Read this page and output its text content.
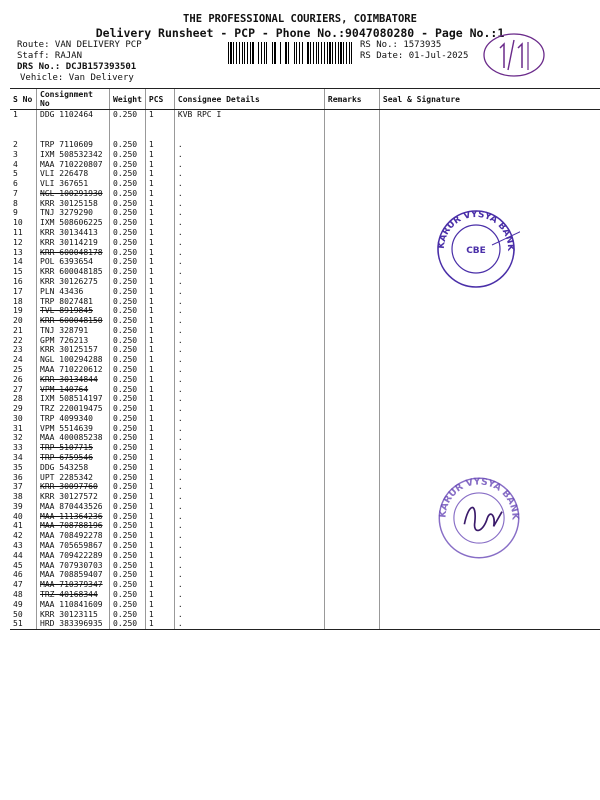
THE PROFESSIONAL COURIERS, COIMBATORE
Delivery Runsheet - PCP - Phone No.:9047080280 - Page No.:1
Route: VAN DELIVERY PCP
Staff: RAJAN
DRS No.: DCJB157393501
Vehicle: Van Delivery
RS No.: 1573935
RS Date: 01-Jul-2025
S No	Consignment No	Weight	PCS	Consignee Details	Remarks	Seal & Signature
1	DDG 1102464	0.250	1	KVB RPC I		

2	TRP 7110609	0.250	1	.		
3	IXM 508532342	0.250	1	.		
4	MAA 710220807	0.250	1	.		
5	VLI 226478	0.250	1	.		
6	VLI 367651	0.250	1	.		
7	NGL 100291930	0.250	1	.		
8	KRR 30125158	0.250	1	.		
9	TNJ 3279290	0.250	1	.		
10	IXM 508606225	0.250	1	.		
11	KRR 30134413	0.250	1	.		
12	KRR 30114219	0.250	1	.		
13	KRR 600048178	0.250	1	.		
14	POL 6393654	0.250	1	.		
15	KRR 600048185	0.250	1	.		
16	KRR 30126275	0.250	1	.		
17	PLN 43436	0.250	1	.		
18	TRP 8027481	0.250	1	.		
19	TVL 8919845	0.250	1	.		
20	KRR 600048150	0.250	1	.		
21	TNJ 328791	0.250	1	.		
22	GPM 726213	0.250	1	.		
23	KRR 30125157	0.250	1	.		
24	NGL 100294288	0.250	1	.		
25	MAA 710220612	0.250	1	.		
26	KRR 30134844	0.250	1	.		
27	VPM 140764	0.250	1	.		
28	IXM 508514197	0.250	1	.		
29	TRZ 220019475	0.250	1	.		
30	TRP 4099340	0.250	1	.		
31	VPM 5514639	0.250	1	.		
32	MAA 400085238	0.250	1	.		
33	TRP 5107715	0.250	1	.		
34	TRP 6759546	0.250	1	.		
35	DDG 543258	0.250	1	.		
36	UPT 2285342	0.250	1	.		
37	KRR 30097760	0.250	1	.		
38	KRR 30127572	0.250	1	.		
39	MAA 870443526	0.250	1	.		
40	MAA 111364236	0.250	1	.		
41	MAA 708788196	0.250	1	.		
42	MAA 708492278	0.250	1	.		
43	MAA 705659867	0.250	1	.		
44	MAA 709422289	0.250	1	.		
45	MAA 707930703	0.250	1	.		
46	MAA 708859407	0.250	1	.		
47	MAA 710379347	0.250	1	.		
48	TRZ 40168344	0.250	1	.		
49	MAA 110841609	0.250	1	.		
50	KRR 30123115	0.250	1	.		
51	HRD 383396935	0.250	1	.		
KARUR VYSYA BANK
CBE
KARUR VYSYA BANK
